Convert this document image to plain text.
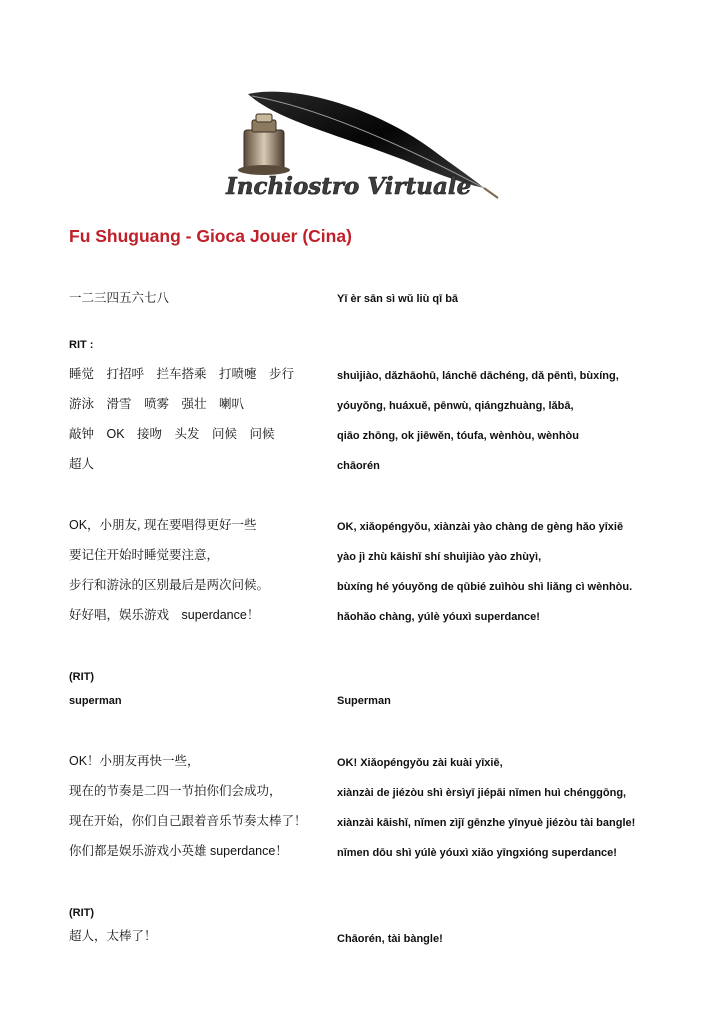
Inchiostro Virtuale
Fu Shuguang - Gioca Jouer (Cina)
一二三四五六七八	Yī èr sān sì wǔ liù qī bā
RIT :
睡觉　打招呼　拦车搭乘　打喷嚏　步行	shuìjiào, dǎzhāohū, lánchē dāchéng, dǎ pēntì, bùxíng,
游泳　滑雪　喷雾　强壮　喇叭	yóuyǒng, huáxuě, pēnwù, qiángzhuàng, lǎbā,
敲钟　OK　接吻　头发　问候　问候	qiāo zhōng, ok jiēwěn, tóufa, wènhòu, wènhòu
超人	chāorén
OK，小朋友, 现在要唱得更好一些	OK, xiǎopéngyǒu, xiànzài yào chàng de gèng hǎo yīxiē
要记住开始时睡觉要注意，	yào jì zhù kāishǐ shí shuìjiào yào zhùyì,
步行和游泳的区别最后是两次问候。	bùxíng hé yóuyǒng de qūbié zuìhòu shì liǎng cì wènhòu.
好好唱，娱乐游戏　superdance！	hǎohǎo chàng, yúlè yóuxì superdance!
(RIT)
superman	Superman
OK！小朋友再快一些，	OK! Xiǎopéngyǒu zài kuài yīxiē,
现在的节奏是二四一节拍你们会成功，	xiànzài de jiézòu shì èrsìyī jiépāi nǐmen huì chénggōng,
现在开始，你们自己跟着音乐节奏太棒了！	xiànzài kāishǐ, nǐmen zìjǐ gēnzhe yīnyuè jiézòu tài bangle!
你们都是娱乐游戏小英雄 superdance！	nǐmen dōu shì yúlè yóuxì xiǎo yīngxióng superdance!
(RIT)
超人，太棒了！	Chāorén, tài bàngle!
